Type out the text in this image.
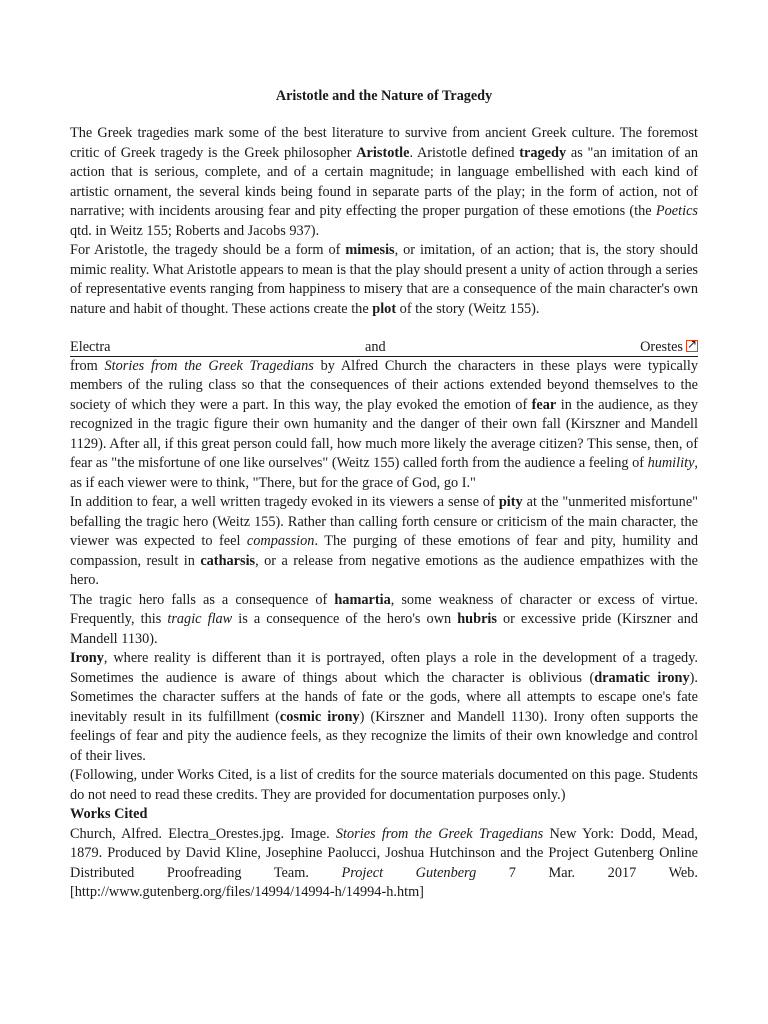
Aristotle and the Nature of Tragedy

The Greek tragedies mark some of the best literature to survive from ancient Greek culture. The foremost critic of Greek tragedy is the Greek philosopher Aristotle. Aristotle defined tragedy as "an imitation of an action that is serious, complete, and of a certain magnitude; in language embellished with each kind of artistic ornament, the several kinds being found in separate parts of the play; in the form of action, not of narrative; with incidents arousing fear and pity effecting the proper purgation of these emotions (the Poetics qtd. in Weitz 155; Roberts and Jacobs 937).

For Aristotle, the tragedy should be a form of mimesis, or imitation, of an action; that is, the story should mimic reality. What Aristotle appears to mean is that the play should present a unity of action through a series of representative events ranging from happiness to misery that are a consequence of the main character's own nature and habit of thought. These actions create the plot of the story (Weitz 155).

Electra	and	Orestes↗

from Stories from the Greek Tragedians by Alfred Church the characters in these plays were typically members of the ruling class so that the consequences of their actions extended beyond themselves to the society of which they were a part. In this way, the play evoked the emotion of fear in the audience, as they recognized in the tragic figure their own humanity and the danger of their own fall (Kirszner and Mandell 1129). After all, if this great person could fall, how much more likely the average citizen? This sense, then, of fear as "the misfortune of one like ourselves" (Weitz 155) called forth from the audience a feeling of humility, as if each viewer were to think, "There, but for the grace of God, go I."

In addition to fear, a well written tragedy evoked in its viewers a sense of pity at the "unmerited misfortune" befalling the tragic hero (Weitz 155). Rather than calling forth censure or criticism of the main character, the viewer was expected to feel compassion. The purging of these emotions of fear and pity, humility and compassion, result in catharsis, or a release from negative emotions as the audience empathizes with the hero.

The tragic hero falls as a consequence of hamartia, some weakness of character or excess of virtue. Frequently, this tragic flaw is a consequence of the hero's own hubris or excessive pride (Kirszner and Mandell 1130).

Irony, where reality is different than it is portrayed, often plays a role in the development of a tragedy. Sometimes the audience is aware of things about which the character is oblivious (dramatic irony). Sometimes the character suffers at the hands of fate or the gods, where all attempts to escape one's fate inevitably result in its fulfillment (cosmic irony) (Kirszner and Mandell 1130). Irony often supports the feelings of fear and pity the audience feels, as they recognize the limits of their own knowledge and control of their lives.

(Following, under Works Cited, is a list of credits for the source materials documented on this page. Students do not need to read these credits. They are provided for documentation purposes only.)

Works Cited

Church, Alfred. Electra_Orestes.jpg. Image. Stories from the Greek Tragedians New York: Dodd, Mead, 1879. Produced by David Kline, Josephine Paolucci, Joshua Hutchinson and the Project Gutenberg Online Distributed Proofreading Team. Project Gutenberg 7 Mar. 2017 Web. [http://www.gutenberg.org/files/14994/14994-h/14994-h.htm]
